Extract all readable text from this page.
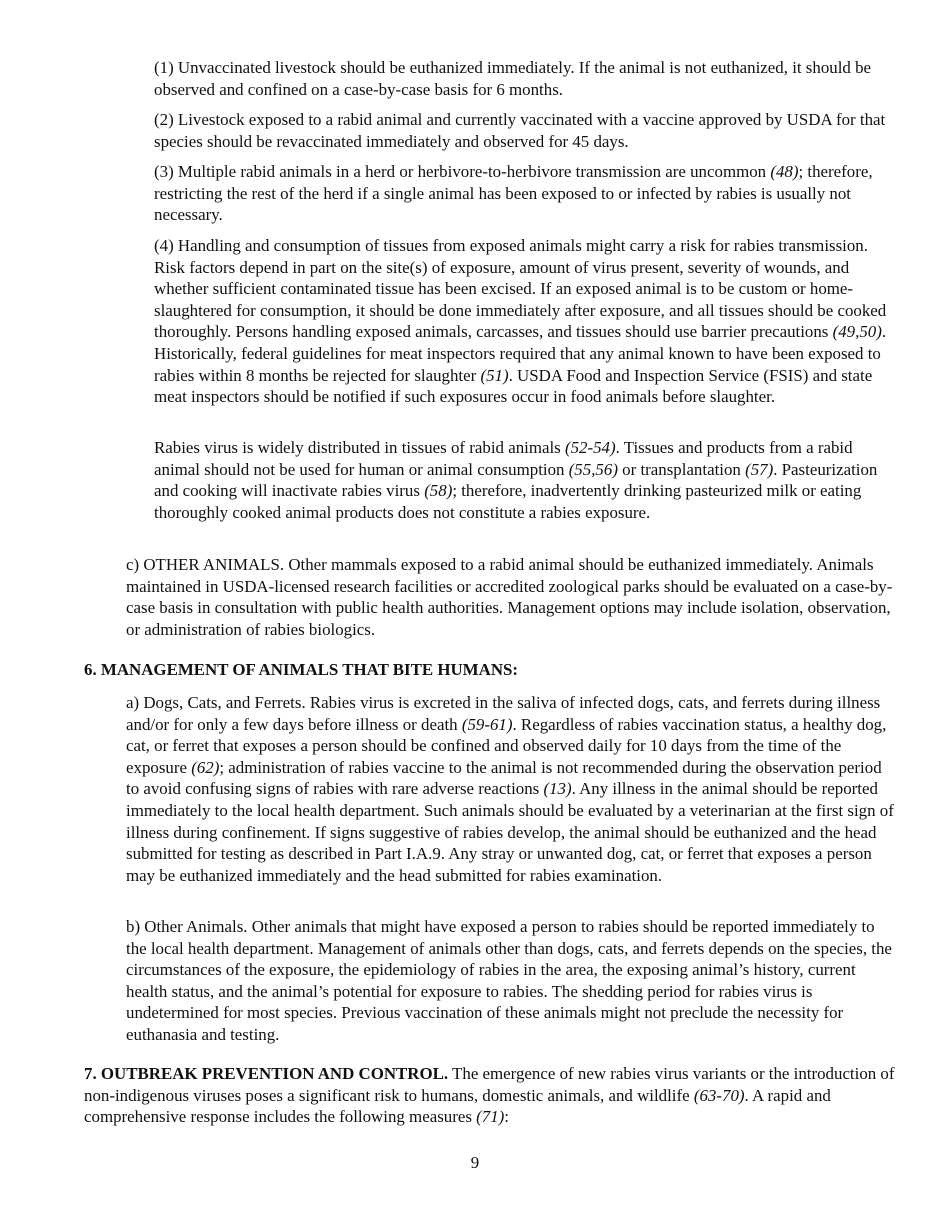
(1) Unvaccinated livestock should be euthanized immediately. If the animal is not euthanized, it should be observed and confined on a case-by-case basis for 6 months.

(2) Livestock exposed to a rabid animal and currently vaccinated with a vaccine approved by USDA for that species should be revaccinated immediately and observed for 45 days.

(3) Multiple rabid animals in a herd or herbivore-to-herbivore transmission are uncommon (48); therefore, restricting the rest of the herd if a single animal has been exposed to or infected by rabies is usually not necessary.

(4) Handling and consumption of tissues from exposed animals might carry a risk for rabies transmission. Risk factors depend in part on the site(s) of exposure, amount of virus present, severity of wounds, and whether sufficient contaminated tissue has been excised. If an exposed animal is to be custom or home-slaughtered for consumption, it should be done immediately after exposure, and all tissues should be cooked thoroughly. Persons handling exposed animals, carcasses, and tissues should use barrier precautions (49,50). Historically, federal guidelines for meat inspectors required that any animal known to have been exposed to rabies within 8 months be rejected for slaughter (51). USDA Food and Inspection Service (FSIS) and state meat inspectors should be notified if such exposures occur in food animals before slaughter.

Rabies virus is widely distributed in tissues of rabid animals (52-54). Tissues and products from a rabid animal should not be used for human or animal consumption (55,56) or transplantation (57). Pasteurization and cooking will inactivate rabies virus (58); therefore, inadvertently drinking pasteurized milk or eating thoroughly cooked animal products does not constitute a rabies exposure.

c) OTHER ANIMALS. Other mammals exposed to a rabid animal should be euthanized immediately. Animals maintained in USDA-licensed research facilities or accredited zoological parks should be evaluated on a case-by-case basis in consultation with public health authorities. Management options may include isolation, observation, or administration of rabies biologics.

6. MANAGEMENT OF ANIMALS THAT BITE HUMANS:

a) Dogs, Cats, and Ferrets. Rabies virus is excreted in the saliva of infected dogs, cats, and ferrets during illness and/or for only a few days before illness or death (59-61). Regardless of rabies vaccination status, a healthy dog, cat, or ferret that exposes a person should be confined and observed daily for 10 days from the time of the exposure (62); administration of rabies vaccine to the animal is not recommended during the observation period to avoid confusing signs of rabies with rare adverse reactions (13). Any illness in the animal should be reported immediately to the local health department. Such animals should be evaluated by a veterinarian at the first sign of illness during confinement. If signs suggestive of rabies develop, the animal should be euthanized and the head submitted for testing as described in Part I.A.9. Any stray or unwanted dog, cat, or ferret that exposes a person may be euthanized immediately and the head submitted for rabies examination.

b) Other Animals. Other animals that might have exposed a person to rabies should be reported immediately to the local health department. Management of animals other than dogs, cats, and ferrets depends on the species, the circumstances of the exposure, the epidemiology of rabies in the area, the exposing animal’s history, current health status, and the animal’s potential for exposure to rabies. The shedding period for rabies virus is undetermined for most species. Previous vaccination of these animals might not preclude the necessity for euthanasia and testing.

7. OUTBREAK PREVENTION AND CONTROL. The emergence of new rabies virus variants or the introduction of non-indigenous viruses poses a significant risk to humans, domestic animals, and wildlife (63-70). A rapid and comprehensive response includes the following measures (71):

9
